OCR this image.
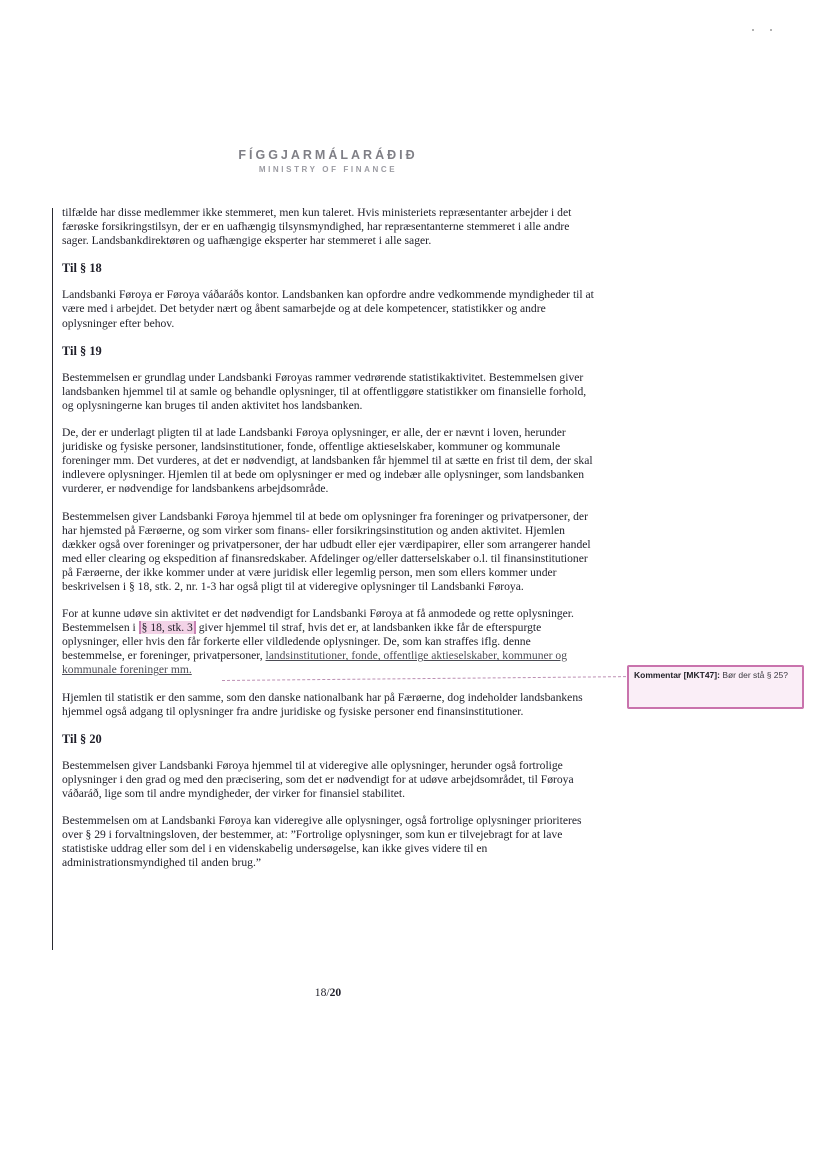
FÍGGJARMÁLARÁÐIÐ
MINISTRY OF FINANCE

tilfælde har disse medlemmer ikke stemmeret, men kun taleret. Hvis ministeriets repræsentanter arbejder i det færøske forsikringstilsyn, der er en uafhængig tilsynsmyndighed, har repræsentanterne stemmeret i alle andre sager. Landsbankdirektøren og uafhængige eksperter har stemmeret i alle sager.

Til § 18

Landsbanki Føroya er Føroya váðaráðs kontor. Landsbanken kan opfordre andre vedkommende myndigheder til at være med i arbejdet. Det betyder nært og åbent samarbejde og at dele kompetencer, statistikker og andre oplysninger efter behov.

Til § 19

Bestemmelsen er grundlag under Landsbanki Føroyas rammer vedrørende statistikaktivitet. Bestemmelsen giver landsbanken hjemmel til at samle og behandle oplysninger, til at offentliggøre statistikker om finansielle forhold, og oplysningerne kan bruges til anden aktivitet hos landsbanken.

De, der er underlagt pligten til at lade Landsbanki Føroya oplysninger, er alle, der er nævnt i loven, herunder juridiske og fysiske personer, landsinstitutioner, fonde, offentlige aktieselskaber, kommuner og kommunale foreninger mm. Det vurderes, at det er nødvendigt, at landsbanken får hjemmel til at sætte en frist til dem, der skal indlevere oplysninger. Hjemlen til at bede om oplysninger er med og indebær alle oplysninger, som landsbanken vurderer, er nødvendige for landsbankens arbejdsområde.

Bestemmelsen giver Landsbanki Føroya hjemmel til at bede om oplysninger fra foreninger og privatpersoner, der har hjemsted på Færøerne, og som virker som finans- eller forsikringsinstitution og anden aktivitet. Hjemlen dækker også over foreninger og privatpersoner, der har udbudt eller ejer værdipapirer, eller som arrangerer handel med eller clearing og ekspedition af finansredskaber. Afdelinger og/eller datterselskaber o.l. til finansinstitutioner på Færøerne, der ikke kommer under at være juridisk eller legemlig person, men som ellers kommer under beskrivelsen i § 18, stk. 2, nr. 1-3 har også pligt til at videregive oplysninger til Landsbanki Føroya.

For at kunne udøve sin aktivitet er det nødvendigt for Landsbanki Føroya at få anmodede og rette oplysninger. Bestemmelsen i § 18, stk. 3 giver hjemmel til straf, hvis det er, at landsbanken ikke får de efterspurgte oplysninger, eller hvis den får forkerte eller vildledende oplysninger. De, som kan straffes iflg. denne bestemmelse, er foreninger, privatpersoner, landsinstitutioner, fonde, offentlige aktieselskaber, kommuner og kommunale foreninger mm.

Hjemlen til statistik er den samme, som den danske nationalbank har på Færøerne, dog indeholder landsbankens hjemmel også adgang til oplysninger fra andre juridiske og fysiske personer end finansinstitutioner.

Til § 20

Bestemmelsen giver Landsbanki Føroya hjemmel til at videregive alle oplysninger, herunder også fortrolige oplysninger i den grad og med den præcisering, som det er nødvendigt for at udøve arbejdsområdet, til Føroya váðaráð, lige som til andre myndigheder, der virker for finansiel stabilitet.

Bestemmelsen om at Landsbanki Føroya kan videregive alle oplysninger, også fortrolige oplysninger prioriteres over § 29 i forvaltningsloven, der bestemmer, at: ”Fortrolige oplysninger, som kun er tilvejebragt for at lave statistiske uddrag eller som del i en videnskabelig undersøgelse, kan ikke gives videre til en administrationsmyndighed til anden brug.”

Kommentar [MKT47]: Bør der stå § 25?
18/20
